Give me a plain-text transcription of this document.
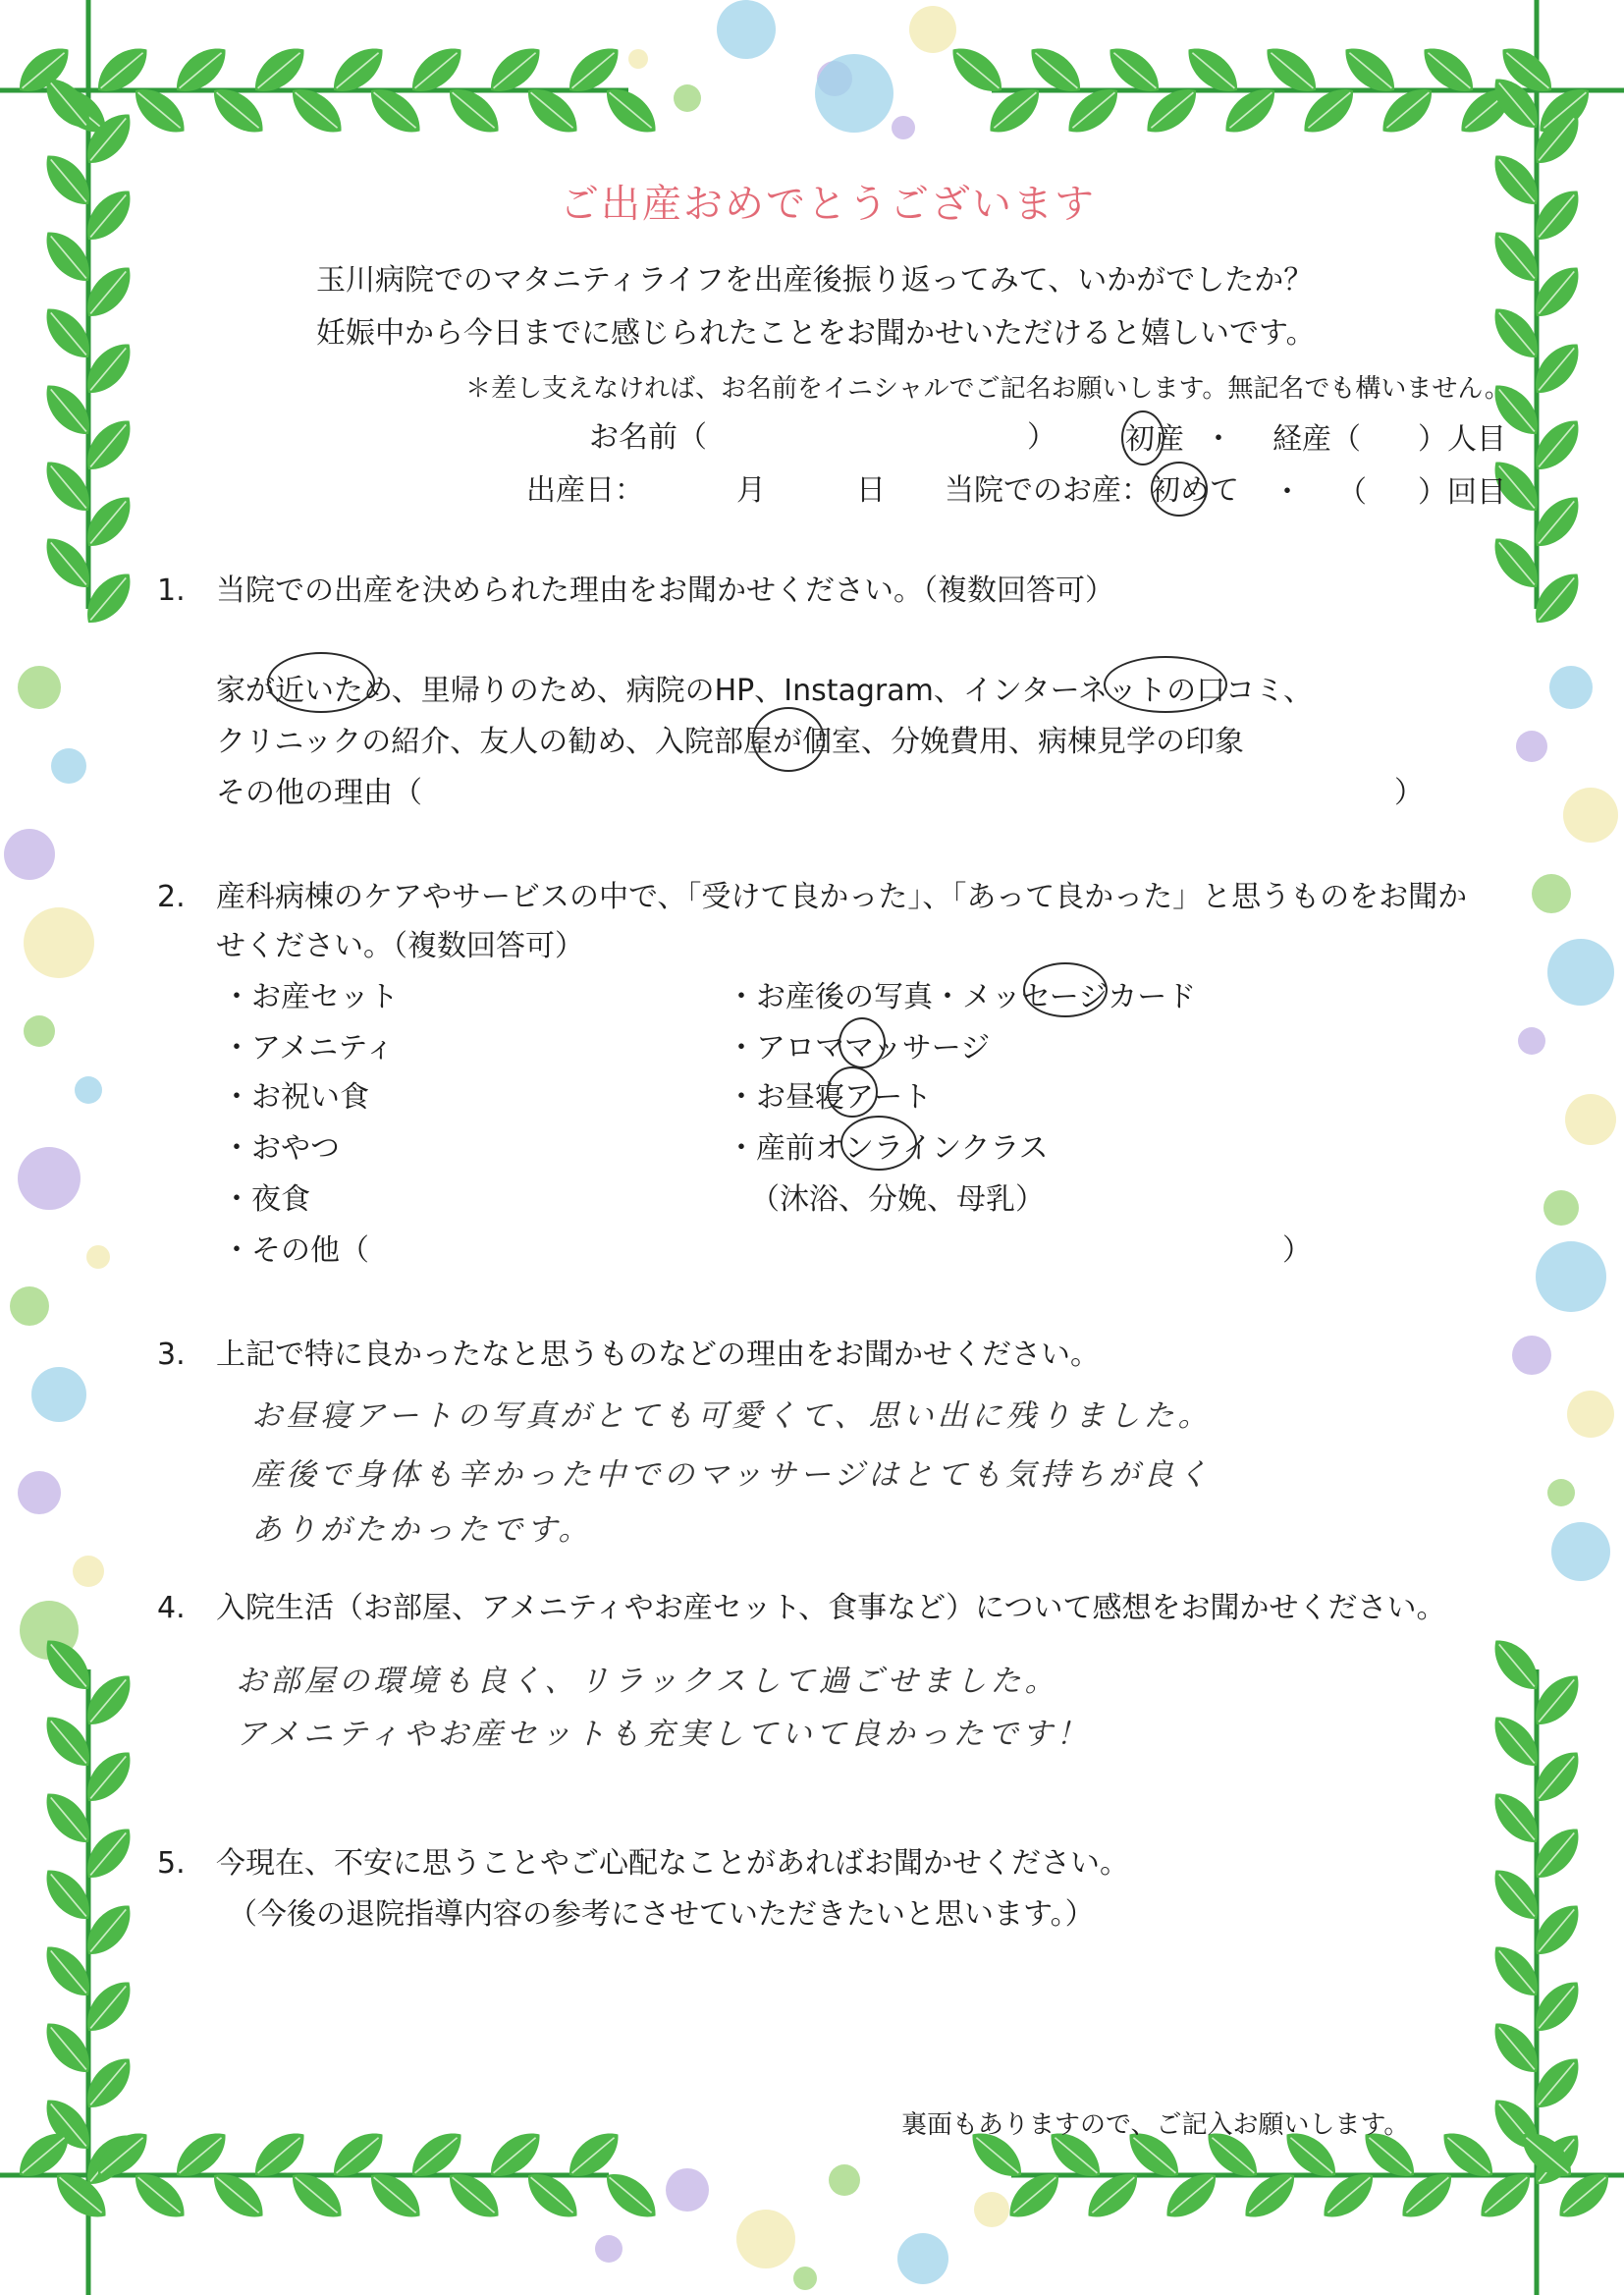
ご出産おめでとうございます
玉川病院でのマタニティライフを出産後振り返ってみて、いかがでしたか？
妊娠中から今日までに感じられたことをお聞かせいただけると嬉しいです。
＊差し支えなければ、お名前をイニシャルでご記名お願いします。無記名でも構いません。
お名前（	） 初産 ・ 経産（ ）人目
出産日：	月	日 当院でのお産： 初めて ・ （ ）回目
1. 当院での出産を決められた理由をお聞かせください。（複数回答可）
家が近いため、里帰りのため、病院のHP、Instagram、インターネットの口コミ、
クリニックの紹介、友人の勧め、入院部屋が個室、分娩費用、病棟見学の印象
その他の理由（	）
2. 産科病棟のケアやサービスの中で、「受けて良かった」、「あって良かった」と思うものをお聞か
せください。（複数回答可）
・お産セット
・アメニティ
・お祝い食
・おやつ
・夜食
・その他（	）
・お産後の写真・メッセージカード
・アロママッサージ
・お昼寝アート
・産前オンラインクラス
（沐浴、分娩、母乳）
3. 上記で特に良かったなと思うものなどの理由をお聞かせください。
お昼寝アートの写真がとても可愛くて、思い出に残りました。
産後で身体も辛かった中でのマッサージはとても気持ちが良く
ありがたかったです。
4. 入院生活（お部屋、アメニティやお産セット、食事など）について感想をお聞かせください。
お部屋の環境も良く、リラックスして過ごせました。
アメニティやお産セットも充実していて良かったです！
5. 今現在、不安に思うことやご心配なことがあればお聞かせください。
（今後の退院指導内容の参考にさせていただきたいと思います。）
裏面もありますので、ご記入お願いします。
